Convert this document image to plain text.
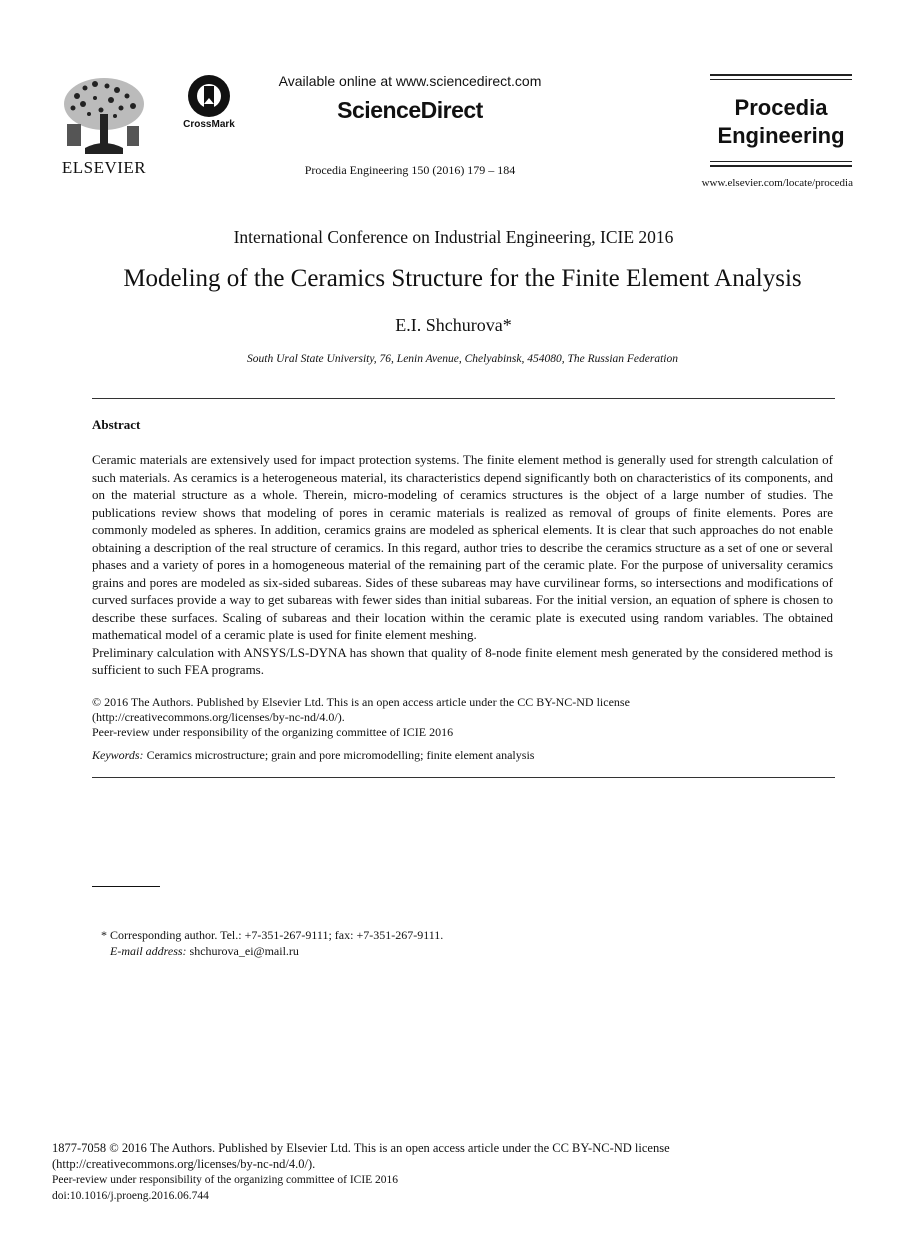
ELSEVIER
CrossMark
Available online at www.sciencedirect.com
ScienceDirect
Procedia Engineering 150 (2016) 179 – 184
Procedia
Engineering
www.elsevier.com/locate/procedia
International Conference on Industrial Engineering, ICIE 2016
Modeling of the Ceramics Structure for the Finite Element Analysis
E.I. Shchurova*
South Ural State University, 76, Lenin Avenue, Chelyabinsk, 454080, The Russian Federation
Abstract

Ceramic materials are extensively used for impact protection systems. The finite element method is generally used for strength calculation of such materials. As ceramics is a heterogeneous material, its characteristics depend significantly both on characteristics of its components, and on the material structure as a whole. Therein, micro-modeling of ceramics structures is the object of a large number of studies. The publications review shows that modeling of pores in ceramic materials is realized as removal of groups of finite elements. Pores are commonly modeled as spheres. In addition, ceramics grains are modeled as spherical elements. It is clear that such approaches do not enable obtaining a description of the real structure of ceramics. In this regard, author tries to describe the ceramics structure as a set of one or several phases and a variety of pores in a homogeneous material of the remaining part of the ceramic plate. For the purpose of universality ceramics grains and pores are modeled as six-sided subareas. Sides of these subareas may have curvilinear forms, so intersections and modifications of curved surfaces provide a way to get subareas with fewer sides than initial subareas. For the initial version, an equation of sphere is chosen to describe these surfaces. Scaling of subareas and their location within the ceramic plate is executed using random variables. The obtained mathematical model of a ceramic plate is used for finite element meshing.

Preliminary calculation with ANSYS/LS-DYNA has shown that quality of 8-node finite element mesh generated by the considered method is sufficient to such FEA programs.

© 2016 The Authors. Published by Elsevier Ltd. This is an open access article under the CC BY-NC-ND license
(http://creativecommons.org/licenses/by-nc-nd/4.0/).
Peer-review under responsibility of the organizing committee of ICIE 2016
Keywords: Ceramics microstructure; grain and pore micromodelling; finite element analysis
* Corresponding author. Tel.: +7-351-267-9111; fax: +7-351-267-9111.
E-mail address: shchurova_ei@mail.ru
1877-7058 © 2016 The Authors. Published by Elsevier Ltd. This is an open access article under the CC BY-NC-ND license
(http://creativecommons.org/licenses/by-nc-nd/4.0/).
Peer-review under responsibility of the organizing committee of ICIE 2016
doi:10.1016/j.proeng.2016.06.744
